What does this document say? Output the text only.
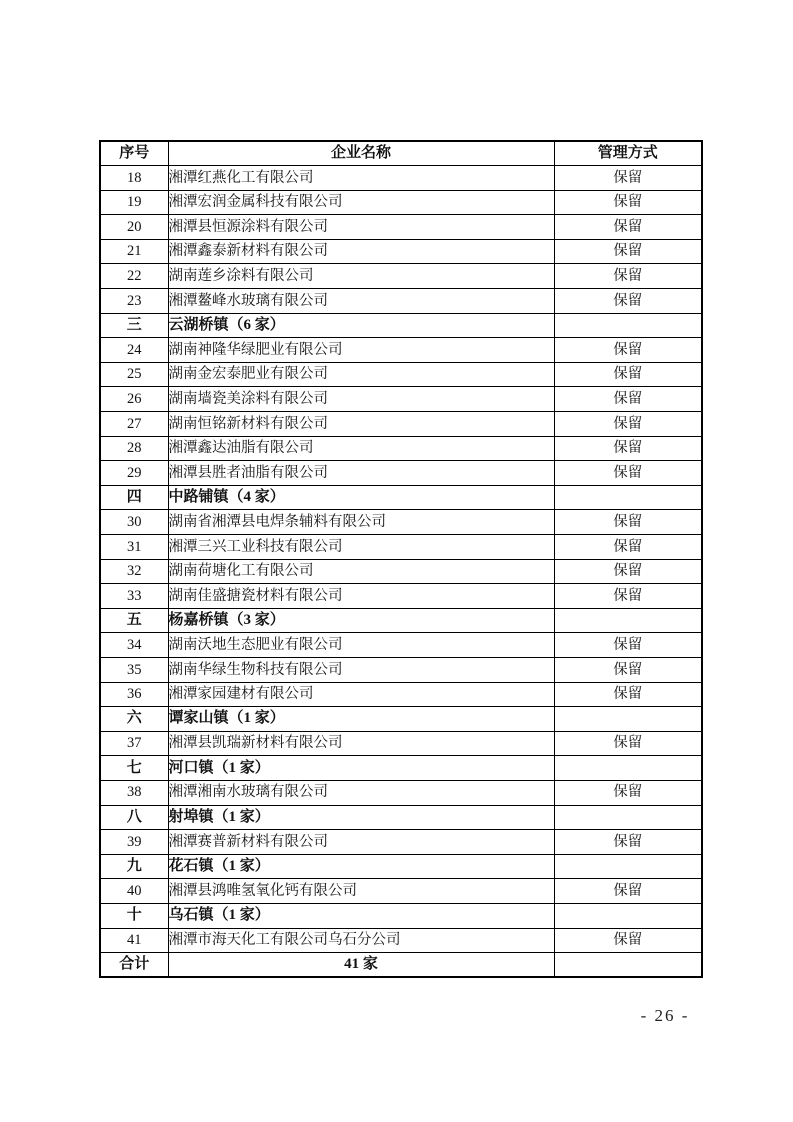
序号	企业名称	管理方式
18	湘潭红燕化工有限公司	保留
19	湘潭宏润金属科技有限公司	保留
20	湘潭县恒源涂料有限公司	保留
21	湘潭鑫泰新材料有限公司	保留
22	湖南莲乡涂料有限公司	保留
23	湘潭鳌峰水玻璃有限公司	保留
三	云湖桥镇（6 家）	
24	湖南神隆华绿肥业有限公司	保留
25	湖南金宏泰肥业有限公司	保留
26	湖南墙瓷美涂料有限公司	保留
27	湖南恒铭新材料有限公司	保留
28	湘潭鑫达油脂有限公司	保留
29	湘潭县胜者油脂有限公司	保留
四	中路铺镇（4 家）	
30	湖南省湘潭县电焊条辅料有限公司	保留
31	湘潭三兴工业科技有限公司	保留
32	湖南荷塘化工有限公司	保留
33	湖南佳盛搪瓷材料有限公司	保留
五	杨嘉桥镇（3 家）	
34	湖南沃地生态肥业有限公司	保留
35	湖南华绿生物科技有限公司	保留
36	湘潭家园建材有限公司	保留
六	谭家山镇（1 家）	
37	湘潭县凯瑞新材料有限公司	保留
七	河口镇（1 家）	
38	湘潭湘南水玻璃有限公司	保留
八	射埠镇（1 家）	
39	湘潭赛普新材料有限公司	保留
九	花石镇（1 家）	
40	湘潭县鸿唯氢氧化钙有限公司	保留
十	乌石镇（1 家）	
41	湘潭市海天化工有限公司乌石分公司	保留
合计	41 家	
- 26 -
